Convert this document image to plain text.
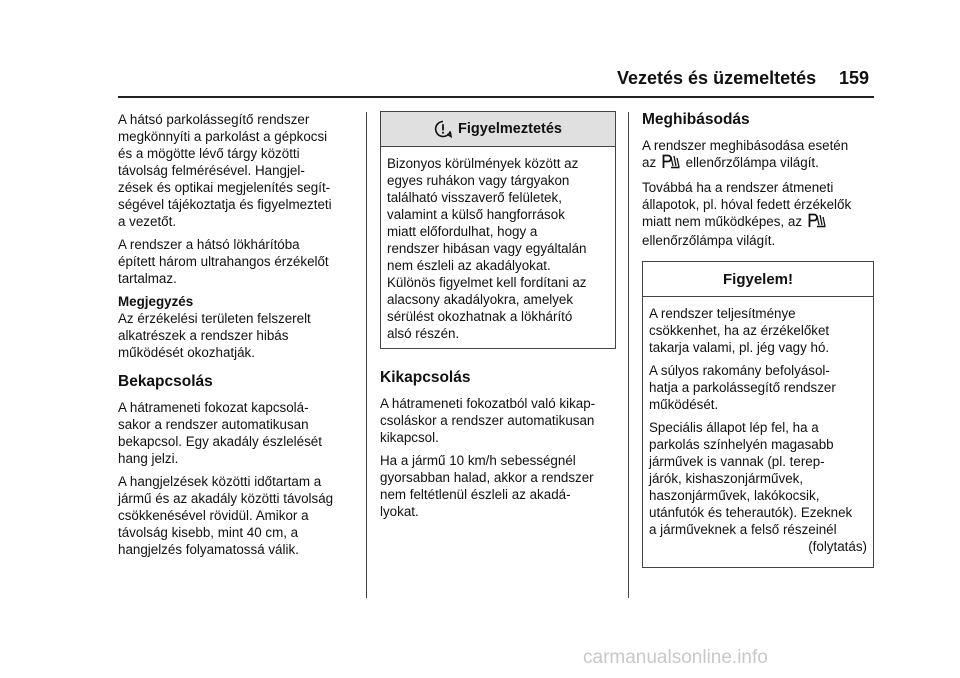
Vezetés és üzemeltetés 159

A hátsó parkolássegítő rendszer
megkönnyíti a parkolást a gépkocsi
és a mögötte lévő tárgy közötti
távolság felmérésével. Hangjel-
zések és optikai megjelenítés segít-
ségével tájékoztatja és figyelmezteti
a vezetőt.

A rendszer a hátsó lökhárítóba
épített három ultrahangos érzékelőt
tartalmaz.

Megjegyzés

Az érzékelési területen felszerelt
alkatrészek a rendszer hibás
működését okozhatják.

Bekapcsolás

A hátrameneti fokozat kapcsolá-
sakor a rendszer automatikusan
bekapcsol. Egy akadály észlelését
hang jelzi.

A hangjelzések közötti időtartam a
jármű és az akadály közötti távolság
csökkenésével rövidül. Amikor a
távolság kisebb, mint 40 cm, a
hangjelzés folyamatossá válik.

Figyelmeztetés

Bizonyos körülmények között az
egyes ruhákon vagy tárgyakon
található visszaverő felületek,
valamint a külső hangforrások
miatt előfordulhat, hogy a
rendszer hibásan vagy egyáltalán
nem észleli az akadályokat.
Különös figyelmet kell fordítani az
alacsony akadályokra, amelyek
sérülést okozhatnak a lökhárító
alsó részén.

Kikapcsolás

A hátrameneti fokozatból való kikap-
csoláskor a rendszer automatikusan
kikapcsol.

Ha a jármű 10 km/h sebességnél
gyorsabban halad, akkor a rendszer
nem feltétlenül észleli az akadá-
lyokat.

Meghibásodás

A rendszer meghibásodása esetén
az ellenőrzőlámpa világít.

Továbbá ha a rendszer átmeneti
állapotok, pl. hóval fedett érzékelők
miatt nem működképes, az
ellenőrzőlámpa világít.

Figyelem!

A rendszer teljesítménye
csökkenhet, ha az érzékelőket
takarja valami, pl. jég vagy hó.

A súlyos rakomány befolyásol-
hatja a parkolássegítő rendszer
működését.

Speciális állapot lép fel, ha a
parkolás színhelyén magasabb
járművek is vannak (pl. terep-
járók, kishaszonjárművek,
haszonjárművek, lakókocsik,
utánfutók és teherautók). Ezeknek
a járműveknek a felső részeinél

(folytatás)

carmanualsonline.info
